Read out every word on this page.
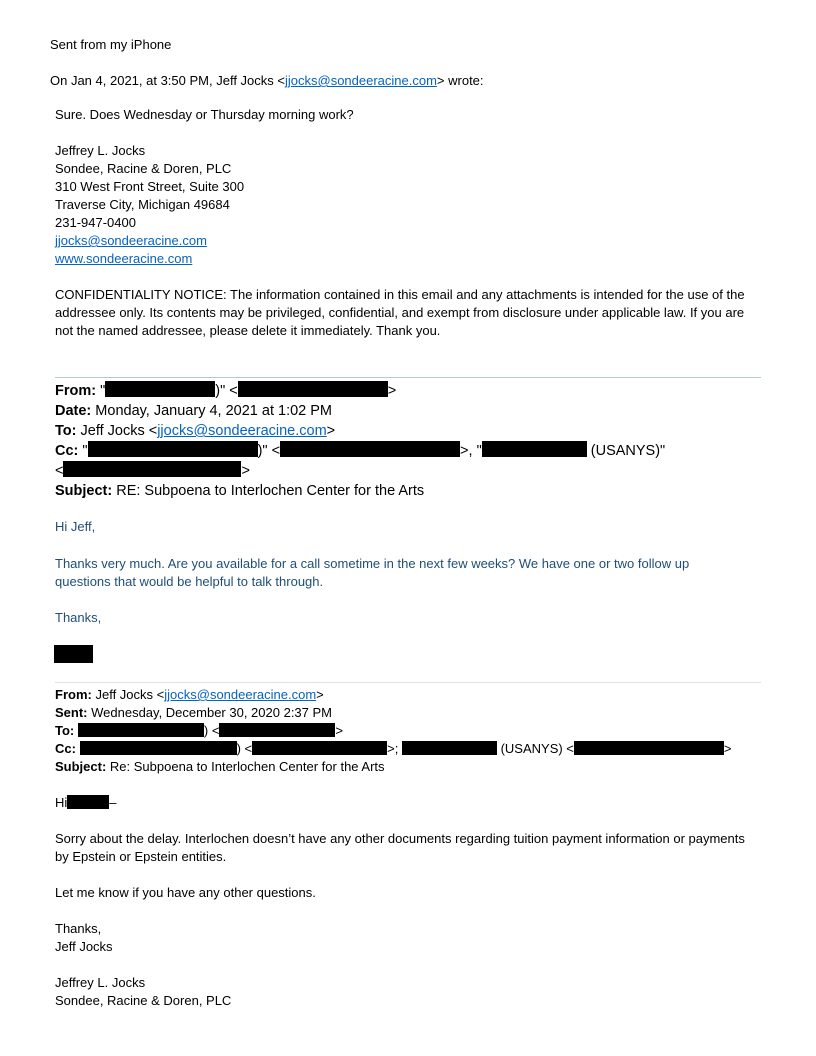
Sent from my iPhone
On Jan 4, 2021, at 3:50 PM, Jeff Jocks <jjocks@sondeeracine.com> wrote:
Sure. Does Wednesday or Thursday morning work?
Jeffrey L. Jocks
Sondee, Racine & Doren, PLC
310 West Front Street, Suite 300
Traverse City, Michigan 49684
231-947-0400
jjocks@sondeeracine.com
www.sondeeracine.com
CONFIDENTIALITY NOTICE: The information contained in this email and any attachments is intended for the use of the addressee only. Its contents may be privileged, confidential, and exempt from disclosure under applicable law. If you are not the named addressee, please delete it immediately. Thank you.
From: "	)" <	>
Date: Monday, January 4, 2021 at 1:02 PM
To: Jeff Jocks <jjocks@sondeeracine.com>
Cc: "	)" <	>, "	(USANYS)"
<	>
Subject: RE: Subpoena to Interlochen Center for the Arts
Hi Jeff,
Thanks very much. Are you available for a call sometime in the next few weeks? We have one or two follow up questions that would be helpful to talk through.
Thanks,
From: Jeff Jocks <jjocks@sondeeracine.com>
Sent: Wednesday, December 30, 2020 2:37 PM
To:	) <	>
Cc:	) <	>;	(USANYS) <	>
Subject: Re: Subpoena to Interlochen Center for the Arts
Hi	–
Sorry about the delay. Interlochen doesn’t have any other documents regarding tuition payment information or payments by Epstein or Epstein entities.
Let me know if you have any other questions.
Thanks,
Jeff Jocks
Jeffrey L. Jocks
Sondee, Racine & Doren, PLC
